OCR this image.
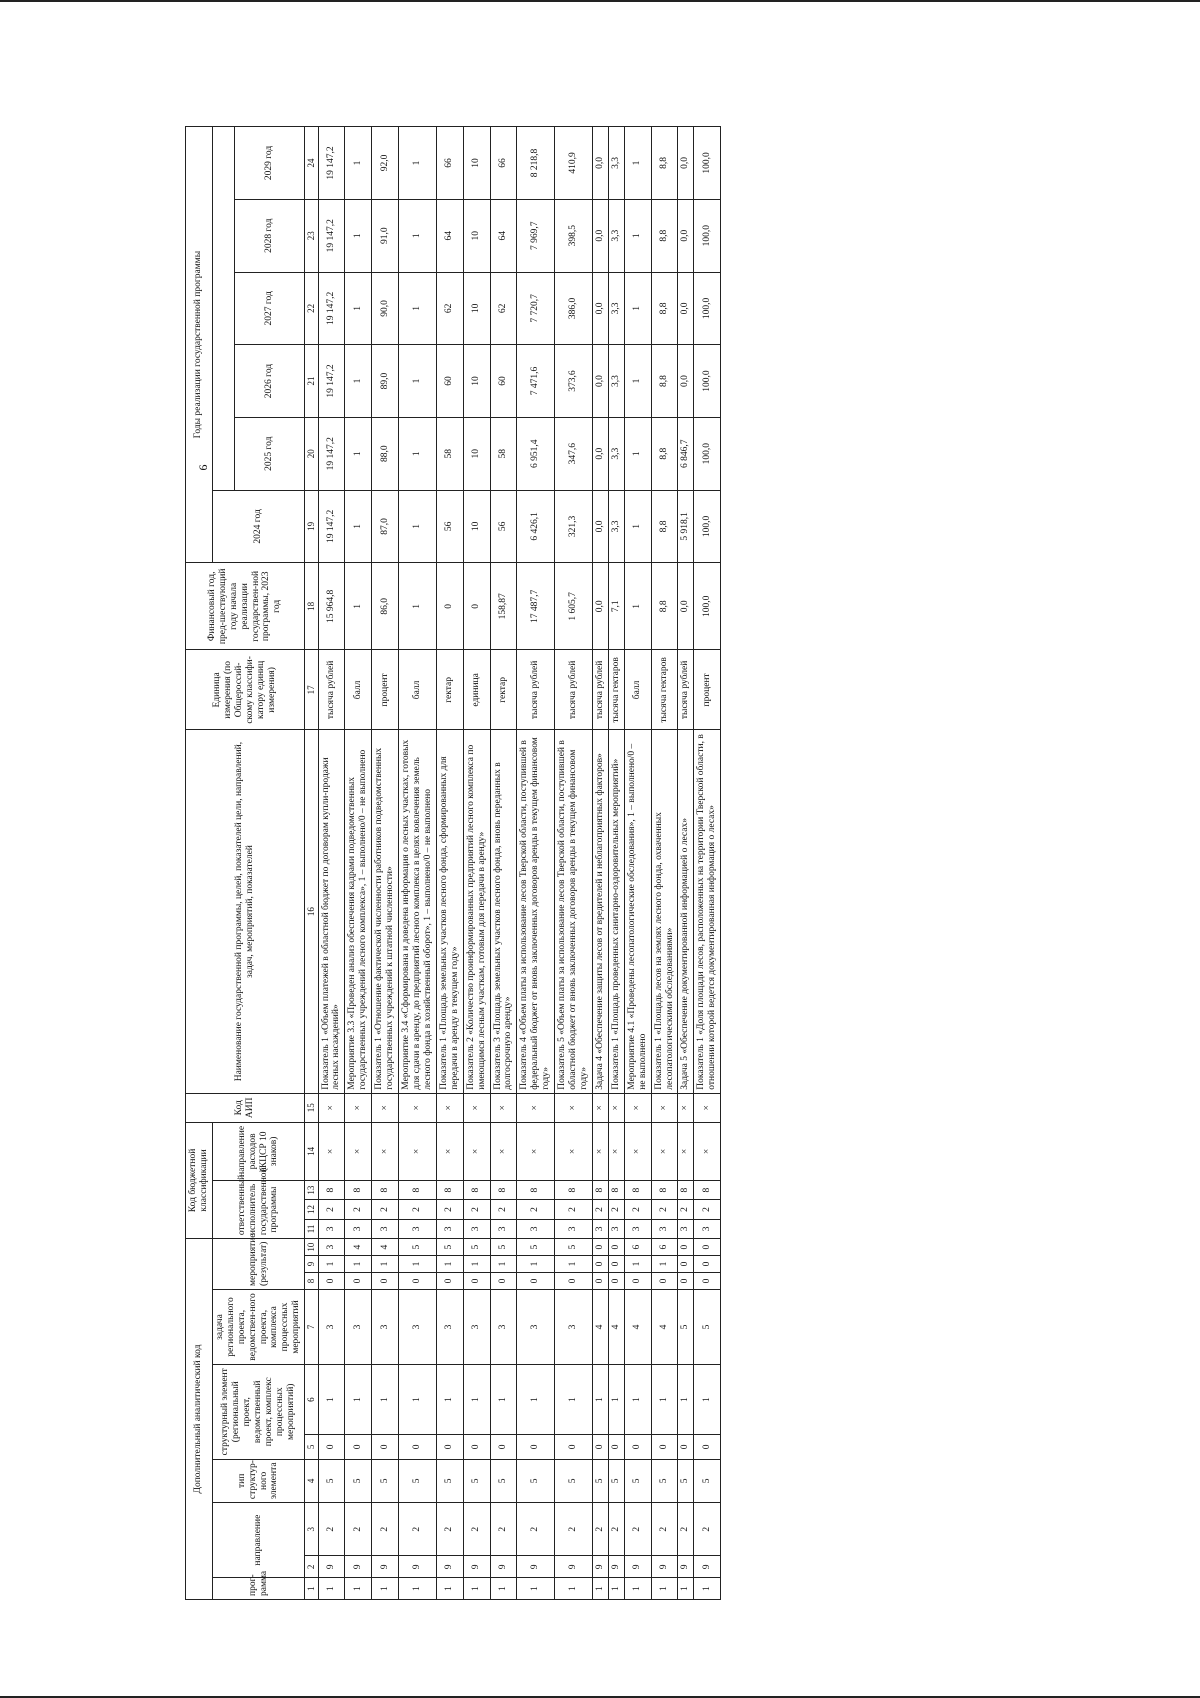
9
Дополнительный аналитический код										Код бюджетной классификации				Код АИП	Наименование государственной программы, целей, показателей цели, направлений, задач, мероприятий, показателей	Единица измерения (по Общероссий-скому классифи-катору единиц измерения)	Финансовый год, пред-шествующий году начала реализации государствен-ной программы, 2023 год	Годы реализации государственной программы					
прог-рамма	направление		тип структур-ного элемента	структурный элемент (региональный проект, ведомственный проект, комплекс процессных мероприятий)		задача регионального проекта, ведомствен-ного проекта, комплекса процессных мероприятий	мероприятие (результат)			ответственный исполнитель государственной программы			направление расходов (КЦСР 10 знаков)					2024 год					
																			2025 год	2026 год	2027 год	2028 год	2029 год
1	2	3	4	5	6	7	8	9	10	11	12	13	14	15	16	17	18	19	20	21	22	23	24
1	9	2	5	0	1	3	0	1	3	3	2	8	×	×	Показатель 1 «Объем платежей в областной бюджет по договорам купли-продажи лесных насаждений»	тысяча рублей	15 964,8	19 147,2	19 147,2	19 147,2	19 147,2	19 147,2	19 147,2
1	9	2	5	0	1	3	0	1	4	3	2	8	×	×	Мероприятие 3.3 «Проведен анализ обеспечения кадрами подведомственных государственных учреждений лесного комплекса», 1 – выполнено/0 – не выполнено	балл	1	1	1	1	1	1	1
1	9	2	5	0	1	3	0	1	4	3	2	8	×	×	Показатель 1 «Отношение фактической численности работников подведомственных государственных учреждений к штатной численности»	процент	86,0	87,0	88,0	89,0	90,0	91,0	92,0
1	9	2	5	0	1	3	0	1	5	3	2	8	×	×	Мероприятие 3.4 «Сформирована и доведена информация о лесных участках, готовых для сдачи в аренду, до предприятий лесного комплекса в целях вовлечения земель лесного фонда в хозяйственный оборот», 1 – выполнено/0 – не выполнено	балл	1	1	1	1	1	1	1
1	9	2	5	0	1	3	0	1	5	3	2	8	×	×	Показатель 1 «Площадь земельных участков лесного фонда, сформированных для передачи в аренду в текущем году»	гектар	0	56	58	60	62	64	66
1	9	2	5	0	1	3	0	1	5	3	2	8	×	×	Показатель 2 «Количество проинформированных предприятий лесного комплекса по имеющимся лесным участкам, готовым для передачи в аренду»	единица	0	10	10	10	10	10	10
1	9	2	5	0	1	3	0	1	5	3	2	8	×	×	Показатель 3 «Площадь земельных участков лесного фонда, вновь переданных в долгосрочную аренду»	гектар	158,87	56	58	60	62	64	66
1	9	2	5	0	1	3	0	1	5	3	2	8	×	×	Показатель 4 «Объем платы за использование лесов Тверской области, поступившей в федеральный бюджет от вновь заключенных договоров аренды в текущем финансовом году»	тысяча рублей	17 487,7	6 426,1	6 951,4	7 471,6	7 720,7	7 969,7	8 218,8
1	9	2	5	0	1	3	0	1	5	3	2	8	×	×	Показатель 5 «Объем платы за использование лесов Тверской области, поступившей в областной бюджет от вновь заключенных договоров аренды в текущем финансовом году»	тысяча рублей	1 605,7	321,3	347,6	373,6	386,0	398,5	410,9
1	9	2	5	0	1	4	0	0	0	3	2	8	×	×	Задача 4 «Обеспечение защиты лесов от вредителей и неблагоприятных факторов»	тысяча рублей	0,0	0,0	0,0	0,0	0,0	0,0	0,0
1	9	2	5	0	1	4	0	0	0	3	2	8	×	×	Показатель 1 «Площадь проведенных санитарно-оздоровительных мероприятий»	тысяча гектаров	7,1	3,3	3,3	3,3	3,3	3,3	3,3
1	9	2	5	0	1	4	0	1	6	3	2	8	×	×	Мероприятие 4.1 «Проведены лесопатологические обследования», 1 – выполнено/0 – не выполнено	балл	1	1	1	1	1	1	1
1	9	2	5	0	1	4	0	1	6	3	2	8	×	×	Показатель 1 «Площадь лесов на землях лесного фонда, охваченных лесопатологическими обследованиями»	тысяча гектаров	8,8	8,8	8,8	8,8	8,8	8,8	8,8
1	9	2	5	0	1	5	0	0	0	3	2	8	×	×	Задача 5 «Обеспечение документированной информацией о лесах»	тысяча рублей	0,0	5 918,1	6 846,7	0,0	0,0	0,0	0,0
1	9	2	5	0	1	5	0	0	0	3	2	8	×	×	Показатель 1 «Доля площади лесов, расположенных на территории Тверской области, в отношении которой ведется документированная информация о лесах»	процент	100,0	100,0	100,0	100,0	100,0	100,0	100,0
